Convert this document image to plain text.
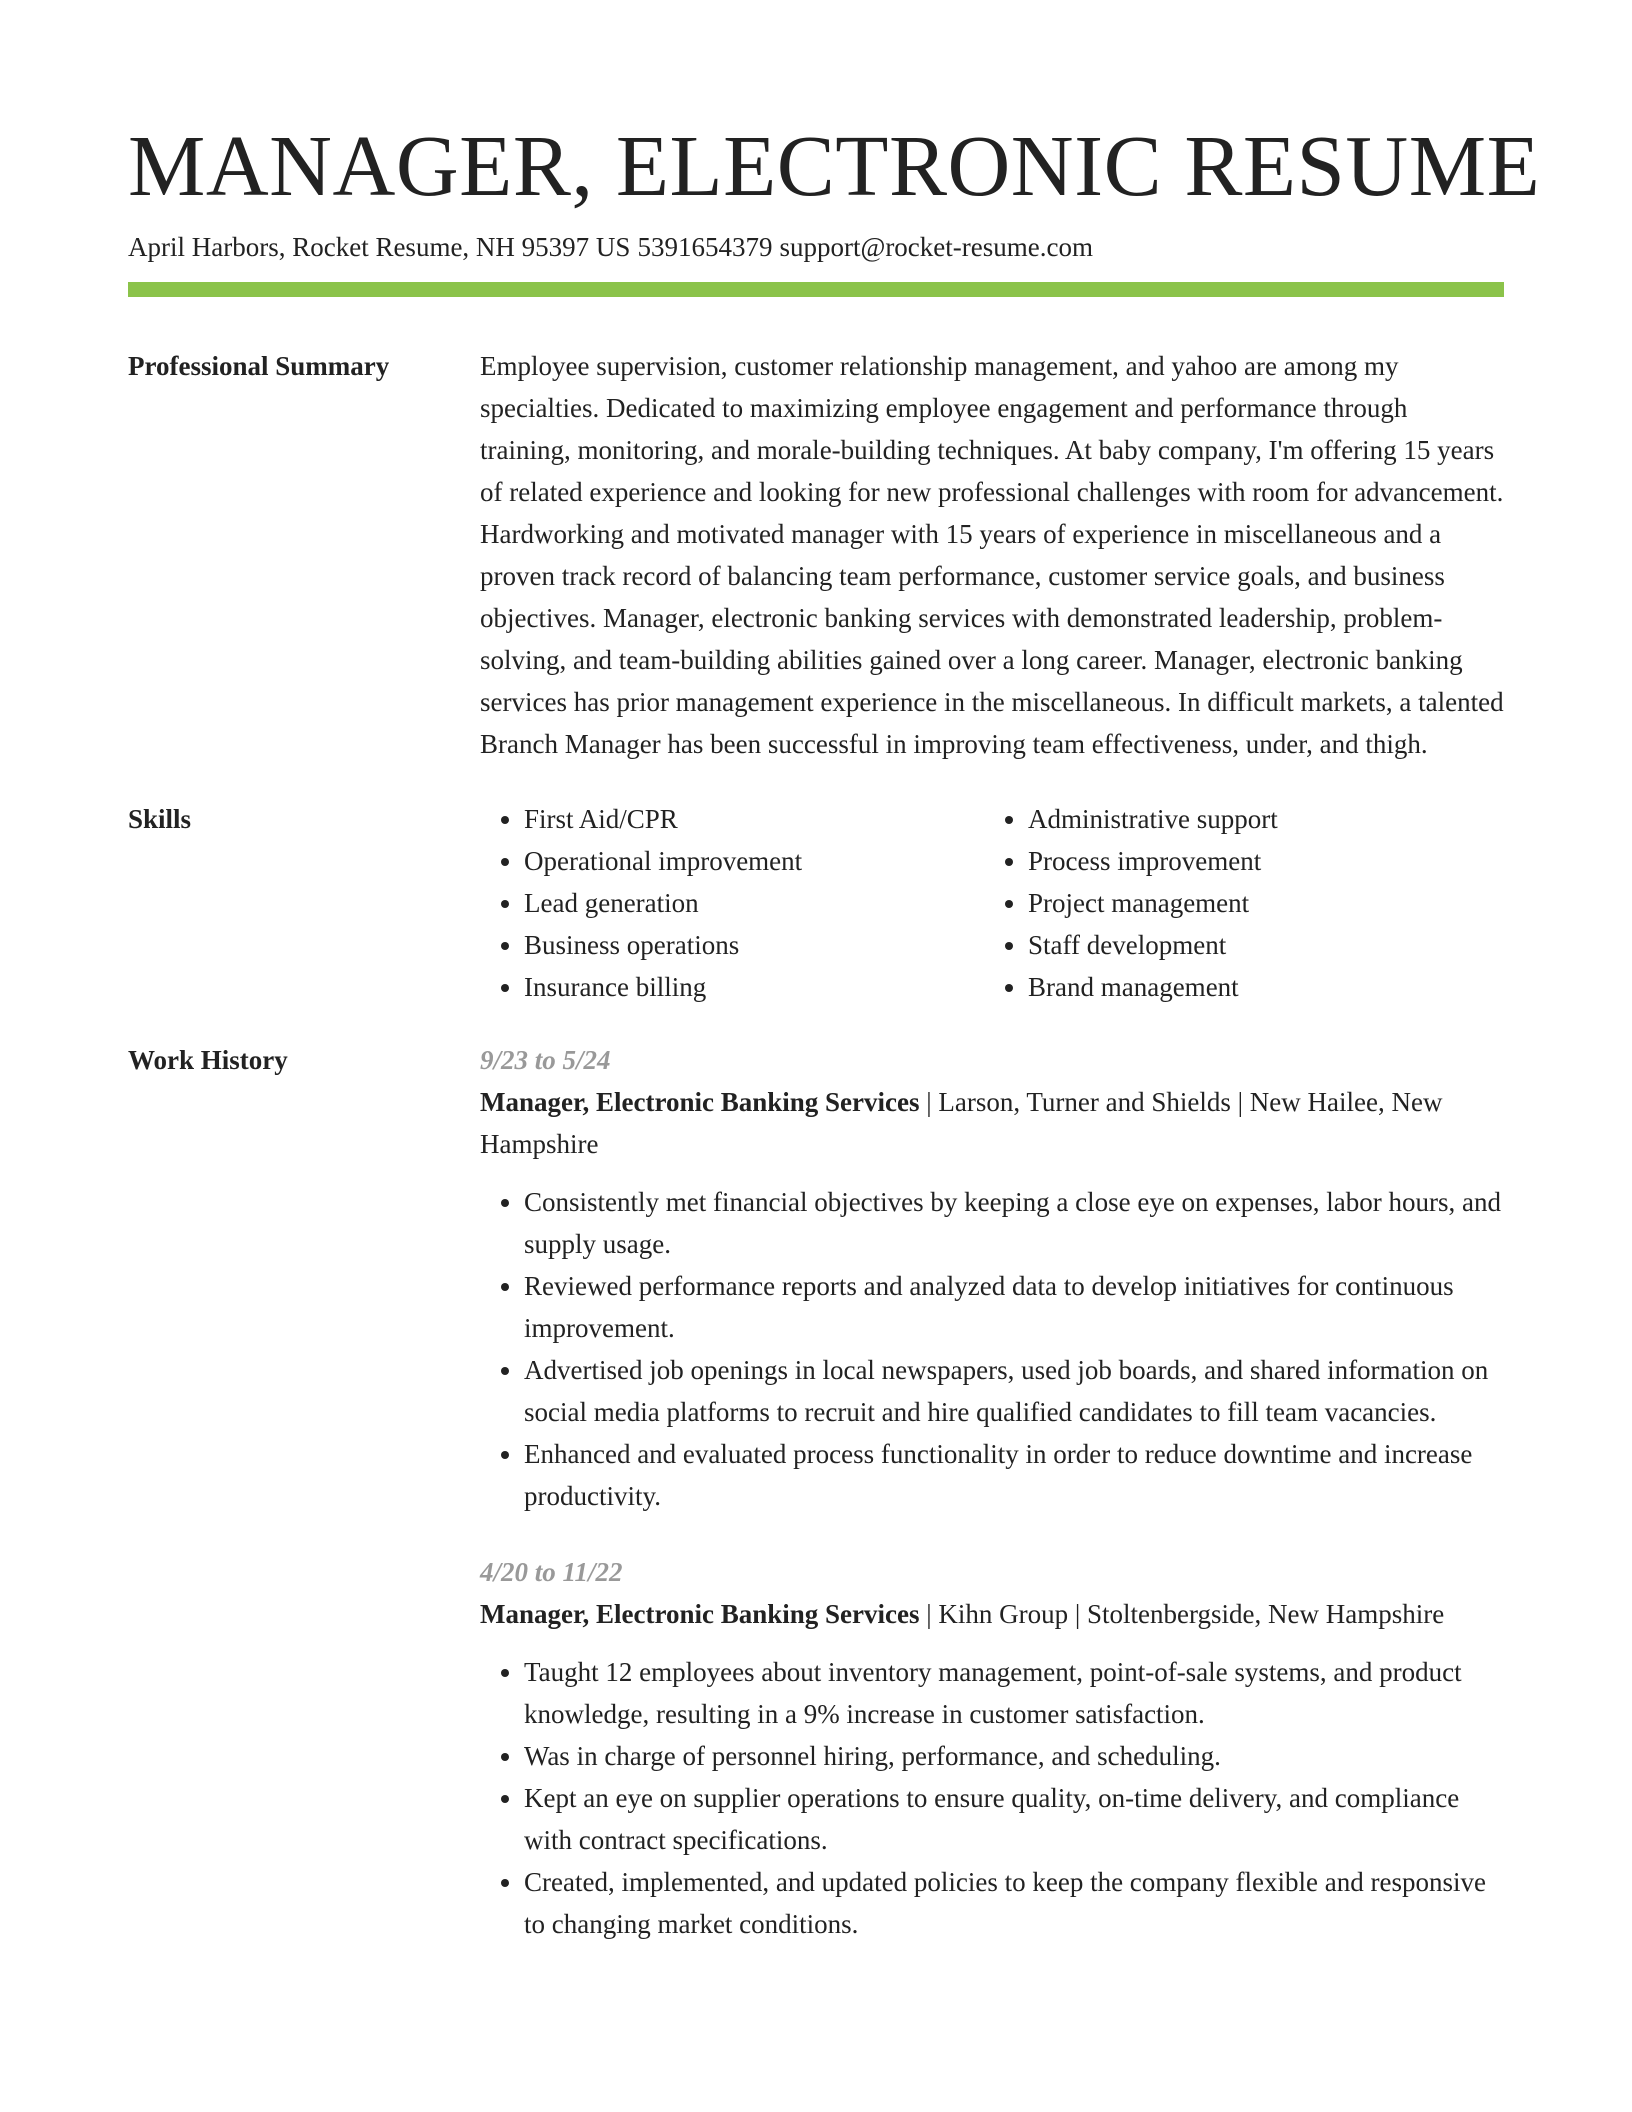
MANAGER, ELECTRONIC RESUME
April Harbors, Rocket Resume, NH 95397 US 5391654379 support@rocket-resume.com
Professional Summary	Employee supervision, customer relationship management, and yahoo are among my specialties. Dedicated to maximizing employee engagement and performance through training, monitoring, and morale-building techniques. At baby company, I'm offering 15 years of related experience and looking for new professional challenges with room for advancement. Hardworking and motivated manager with 15 years of experience in miscellaneous and a proven track record of balancing team performance, customer service goals, and business objectives. Manager, electronic banking services with demonstrated leadership, problem-solving, and team-building abilities gained over a long career. Manager, electronic banking services has prior management experience in the miscellaneous. In difficult markets, a talented Branch Manager has been successful in improving team effectiveness, under, and thigh.

Skills
•	First Aid/CPR
• Operational improvement
• Lead generation
• Business operations
• Insurance billing
• Administrative support
• Process improvement
• Project management
• Staff development
• Brand management
Work History	9/23 to 5/24
Manager, Electronic Banking Services | Larson, Turner and Shields | New Hailee, New Hampshire
• Consistently met financial objectives by keeping a close eye on expenses, labor hours, and supply usage.
• Reviewed performance reports and analyzed data to develop initiatives for continuous improvement.
• Advertised job openings in local newspapers, used job boards, and shared information on social media platforms to recruit and hire qualified candidates to fill team vacancies.
• Enhanced and evaluated process functionality in order to reduce downtime and increase productivity.
4/20 to 11/22
Manager, Electronic Banking Services | Kihn Group | Stoltenbergside, New Hampshire
• Taught 12 employees about inventory management, point-of-sale systems, and product knowledge, resulting in a 9% increase in customer satisfaction.
• Was in charge of personnel hiring, performance, and scheduling.
• Kept an eye on supplier operations to ensure quality, on-time delivery, and compliance with contract specifications.
• Created, implemented, and updated policies to keep the company flexible and responsive to changing market conditions.
